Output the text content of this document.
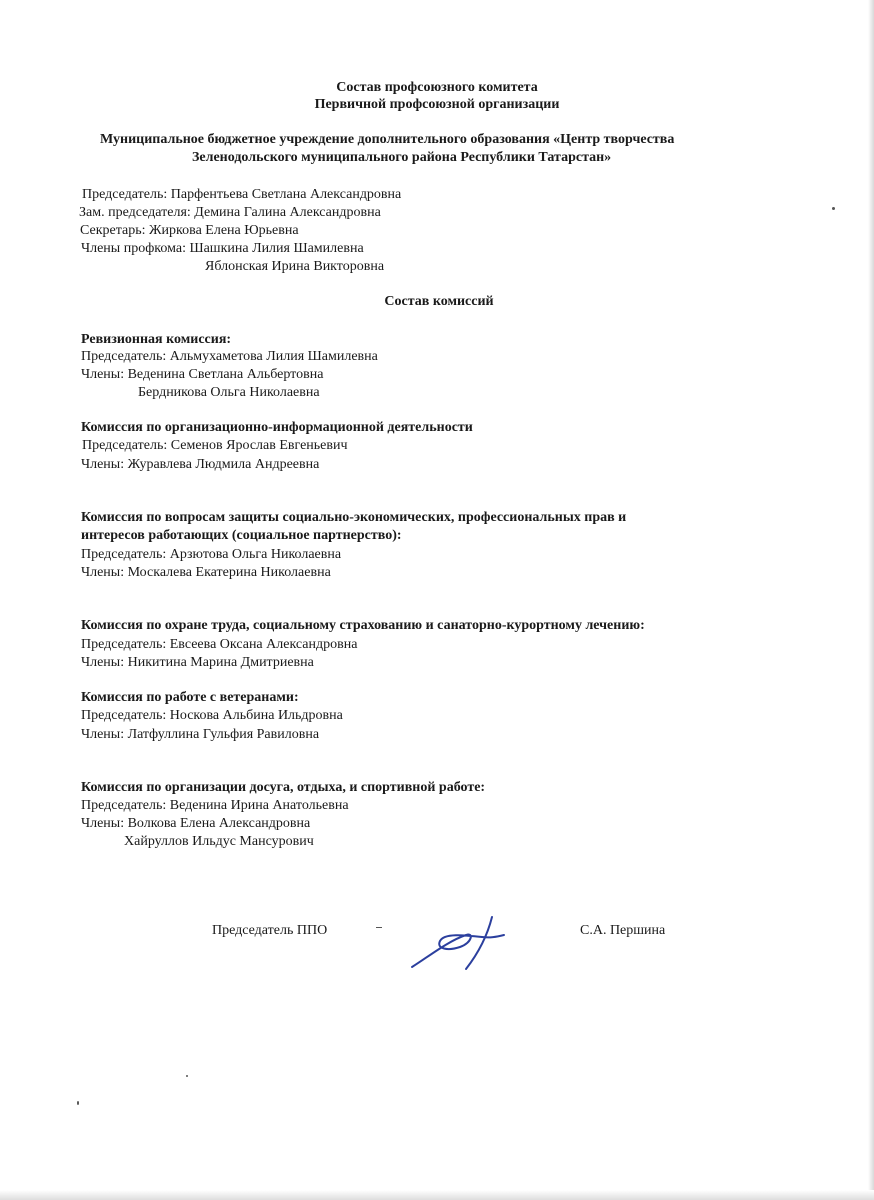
Состав профсоюзного комитета
Первичной профсоюзной организации
Муниципальное бюджетное учреждение дополнительного образования «Центр творчества
Зеленодольского муниципального района Республики Татарстан»
Председатель: Парфентьева Светлана Александровна
Зам. председателя: Демина Галина Александровна
Секретарь: Жиркова Елена Юрьевна
Члены профкома: Шашкина Лилия Шамилевна
Яблонская Ирина Викторовна
Состав комиссий
Ревизионная комиссия:
Председатель: Альмухаметова Лилия Шамилевна
Члены: Веденина Светлана Альбертовна
Бердникова Ольга Николаевна
Комиссия по организационно-информационной деятельности
Председатель: Семенов Ярослав Евгеньевич
Члены: Журавлева Людмила Андреевна
Комиссия по вопросам защиты социально-экономических, профессиональных прав и
интересов работающих (социальное партнерство):
Председатель: Арзютова Ольга Николаевна
Члены: Москалева Екатерина Николаевна
Комиссия по охране труда, социальному страхованию и санаторно-курортному лечению:
Председатель: Евсеева Оксана Александровна
Члены: Никитина Марина Дмитриевна
Комиссия по работе с ветеранами:
Председатель: Носкова Альбина Ильдровна
Члены: Латфуллина Гульфия Равиловна
Комиссия по организации досуга, отдыха, и спортивной работе:
Председатель: Веденина Ирина Анатольевна
Члены: Волкова Елена Александровна
Хайруллов Ильдус Мансурович
Председатель ППО	С.А. Першина
